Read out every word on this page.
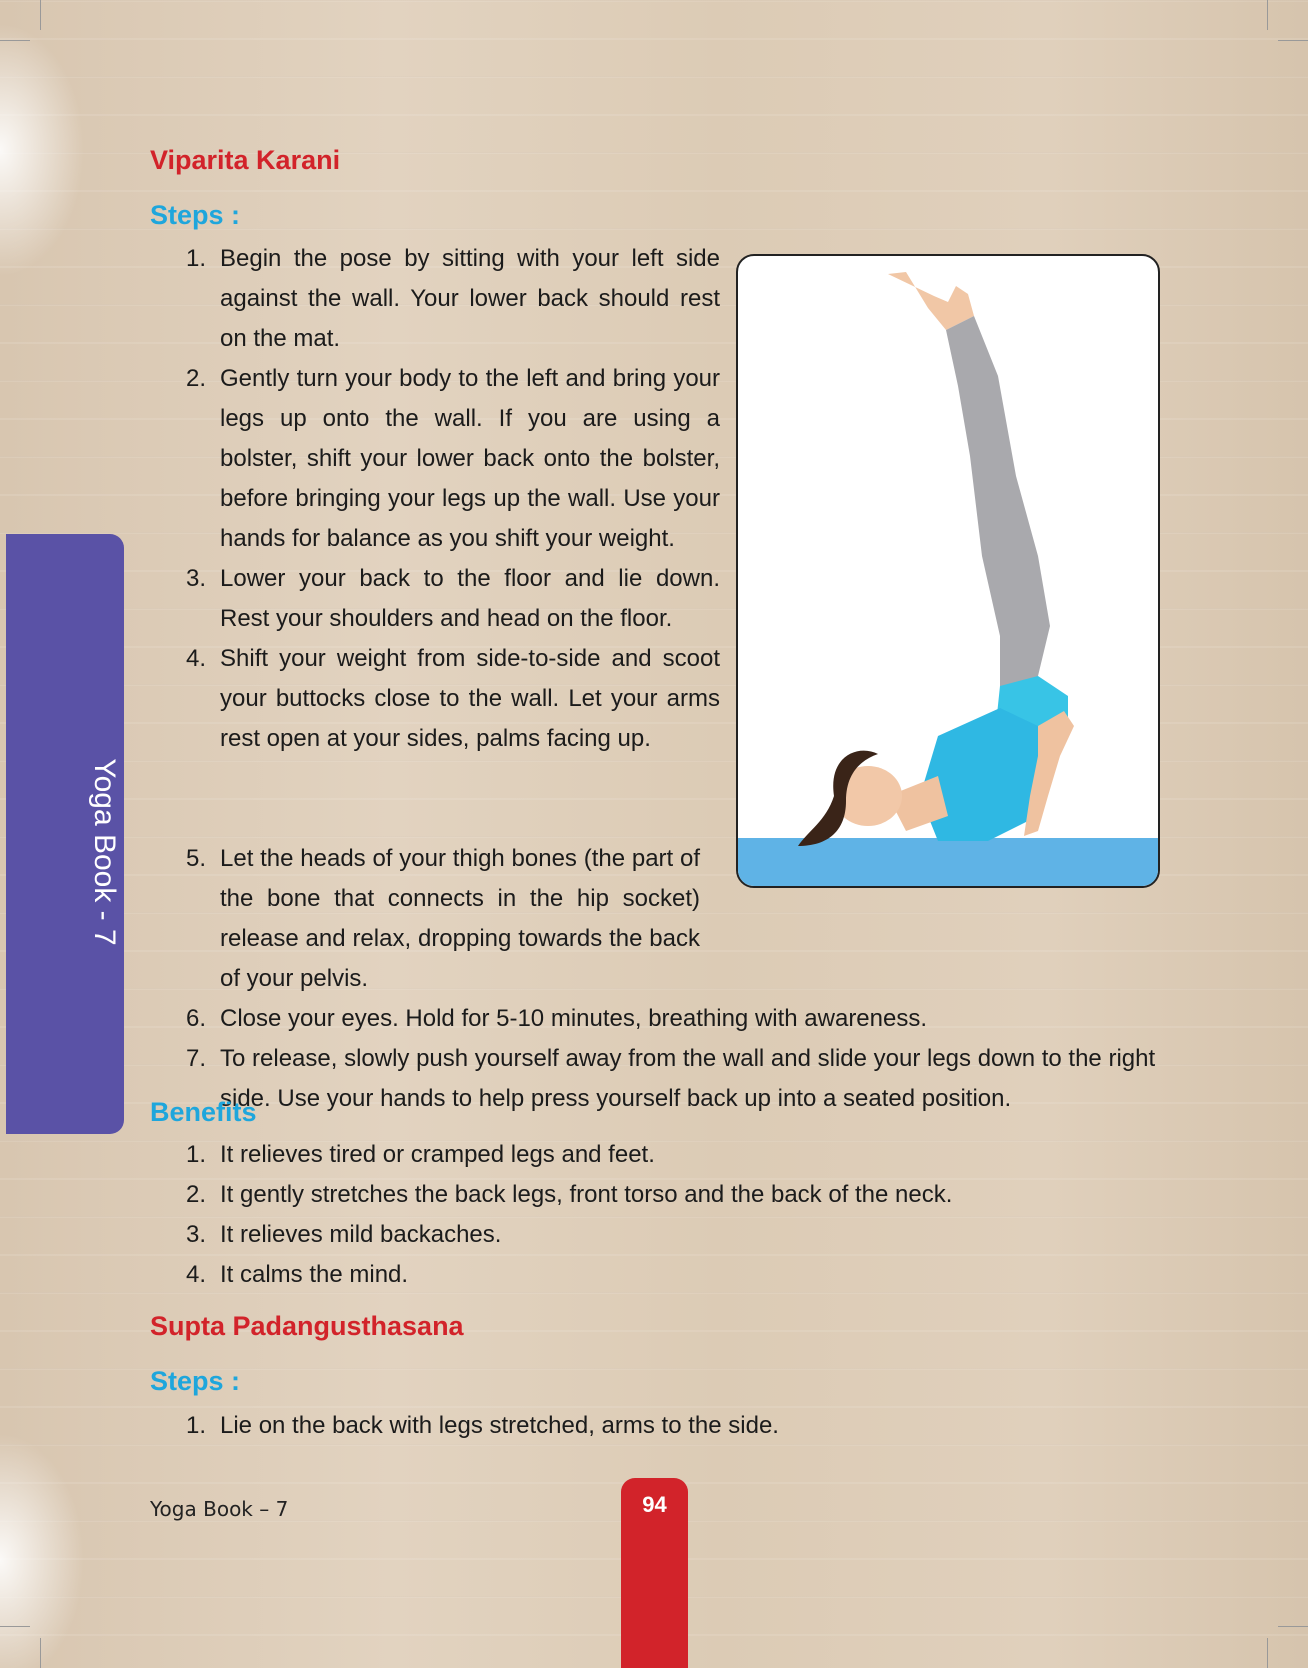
Yoga Book - 7
Viparita Karani
Steps :
1. Begin the pose by sitting with your left side against the wall. Your lower back should rest on the mat.
2. Gently turn your body to the left and bring your legs up onto the wall. If you are using a bolster, shift your lower back onto the bolster, before bringing your legs up the wall. Use your hands for balance as you shift your weight.
3. Lower your back to the floor and lie down. Rest your shoulders and head on the floor.
4. Shift your weight from side-to-side and scoot your buttocks close to the wall. Let your arms rest open at your sides, palms facing up.
5. Let the heads of your thigh bones (the part of the bone that connects in the hip socket) release and relax, dropping towards the back of your pelvis.
6. Close your eyes. Hold for 5-10 minutes, breathing with awareness.
7. To release, slowly push yourself away from the wall and slide your legs down to the right side. Use your hands to help press yourself back up into a seated position.
Benefits
1. It relieves tired or cramped legs and feet.
2. It gently stretches the back legs, front torso and the back of the neck.
3. It relieves mild backaches.
4. It calms the mind.
Supta Padangusthasana
Steps :
1. Lie on the back with legs stretched, arms to the side.
Yoga Book – 7	94
